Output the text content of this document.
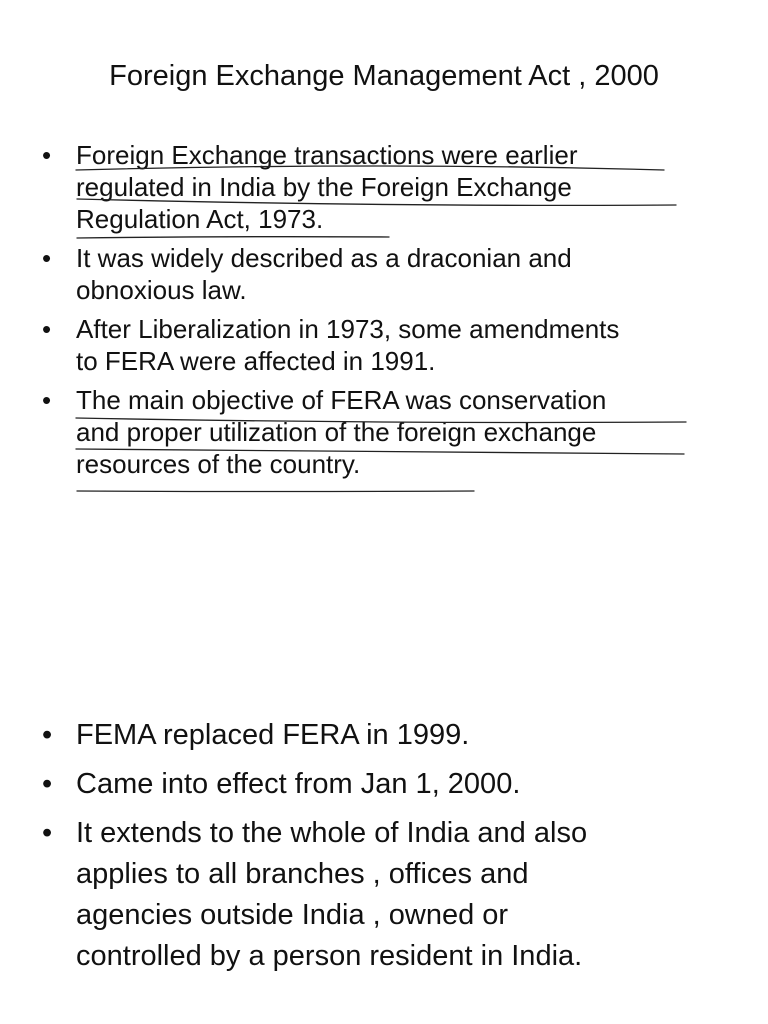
Foreign Exchange Management Act , 2000
• Foreign Exchange transactions were earlier
regulated in India by the Foreign Exchange
Regulation Act, 1973.
• It was widely described as a draconian and
obnoxious law.
• After Liberalization in 1973, some amendments
to FERA were affected in 1991.
• The main objective of FERA was conservation
and proper utilization of the foreign exchange
resources of the country.
• FEMA replaced FERA in 1999.
• Came into effect from Jan 1, 2000.
• It extends to the whole of India and also
applies to all branches , offices and
agencies outside India , owned or
controlled by a person resident in India.
